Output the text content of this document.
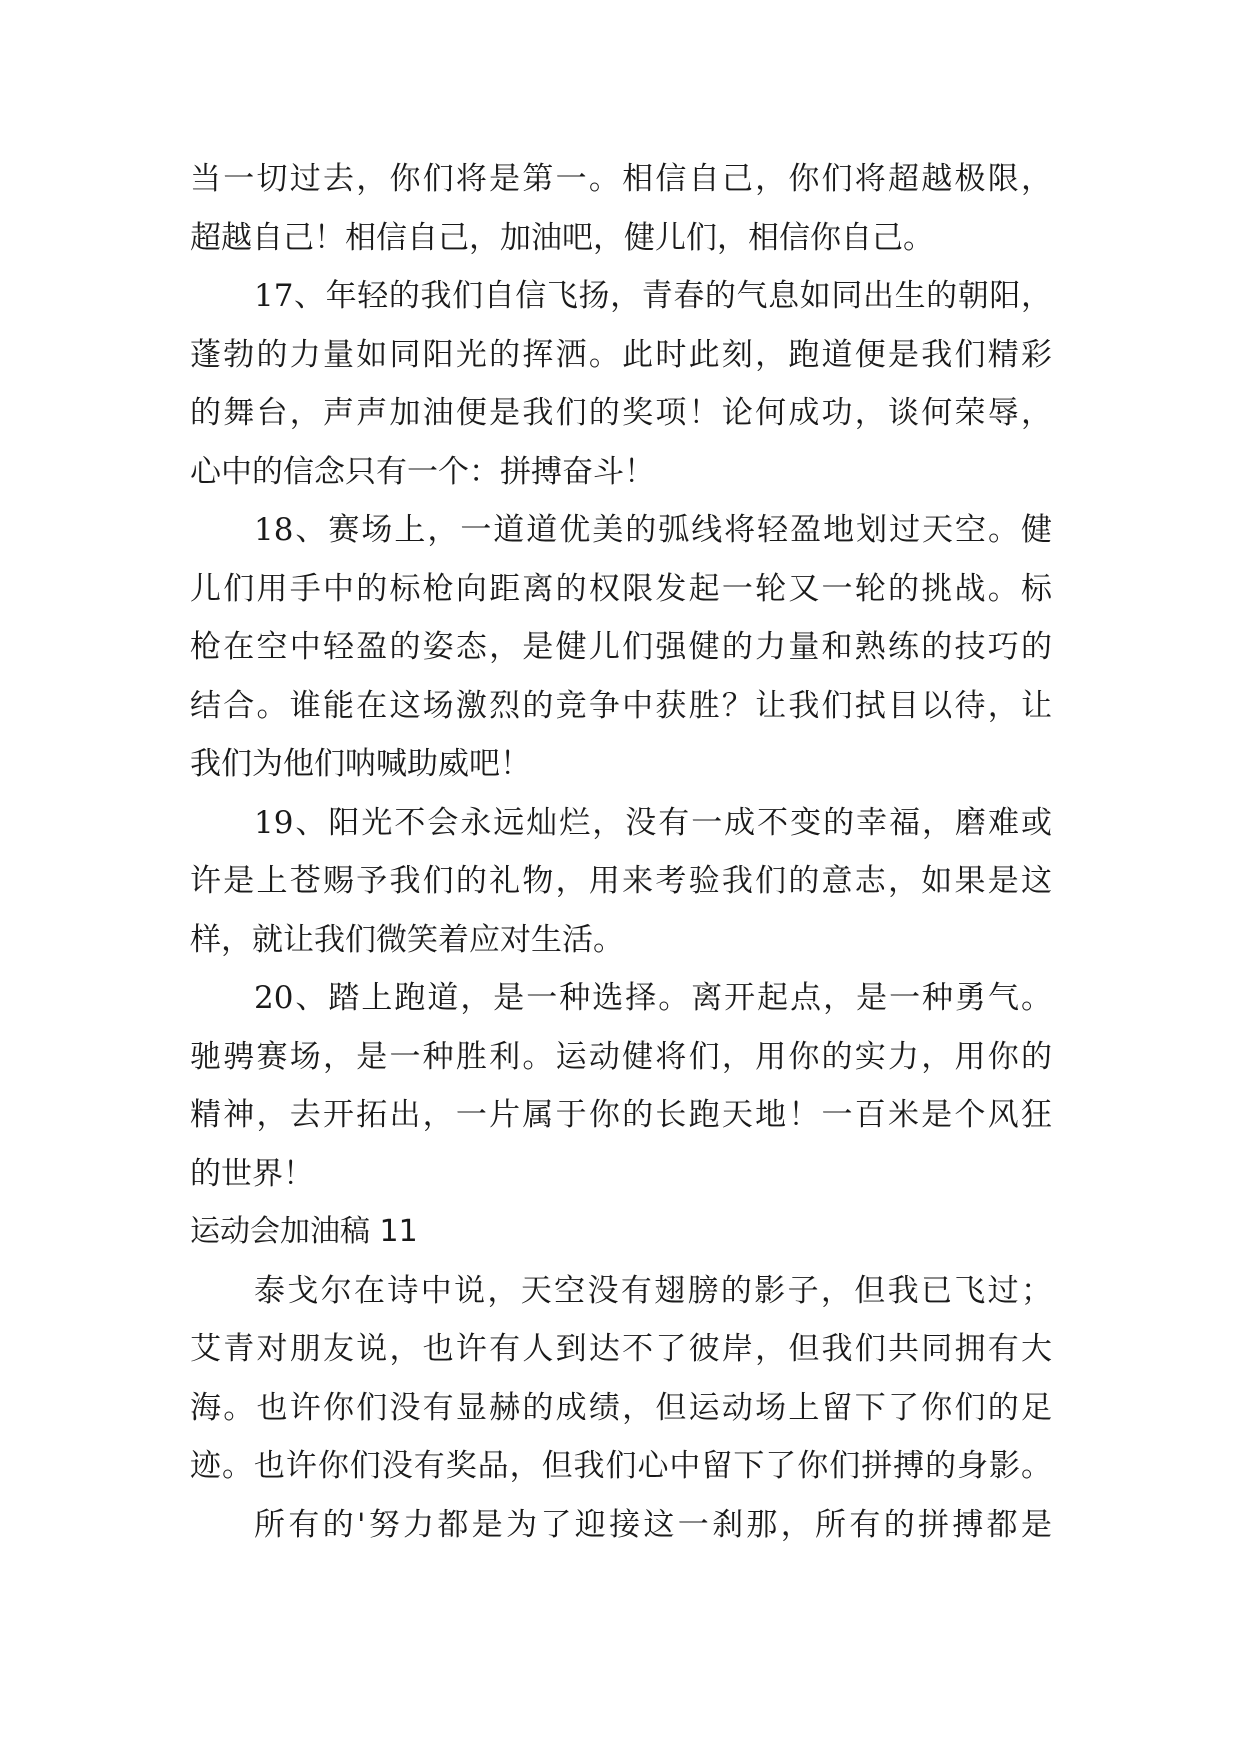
当一切过去，你们将是第一。相信自己，你们将超越极限，
超越自己！相信自己，加油吧，健儿们，相信你自己。
17、年轻的我们自信飞扬，青春的气息如同出生的朝阳，
蓬勃的力量如同阳光的挥洒。此时此刻，跑道便是我们精彩
的舞台，声声加油便是我们的奖项！论何成功，谈何荣辱，
心中的信念只有一个：拼搏奋斗！
18、赛场上，一道道优美的弧线将轻盈地划过天空。健
儿们用手中的标枪向距离的权限发起一轮又一轮的挑战。标
枪在空中轻盈的姿态，是健儿们强健的力量和熟练的技巧的
结合。谁能在这场激烈的竞争中获胜？让我们拭目以待，让
我们为他们呐喊助威吧！
19、阳光不会永远灿烂，没有一成不变的幸福，磨难或
许是上苍赐予我们的礼物，用来考验我们的意志，如果是这
样，就让我们微笑着应对生活。
20、踏上跑道，是一种选择。离开起点，是一种勇气。
驰骋赛场，是一种胜利。运动健将们，用你的实力，用你的
精神，去开拓出，一片属于你的长跑天地！一百米是个风狂
的世界！
运动会加油稿 11
泰戈尔在诗中说，天空没有翅膀的影子，但我已飞过；
艾青对朋友说，也许有人到达不了彼岸，但我们共同拥有大
海。也许你们没有显赫的成绩，但运动场上留下了你们的足
迹。也许你们没有奖品，但我们心中留下了你们拼搏的身影。
所有的'努力都是为了迎接这一刹那，所有的拼搏都是
